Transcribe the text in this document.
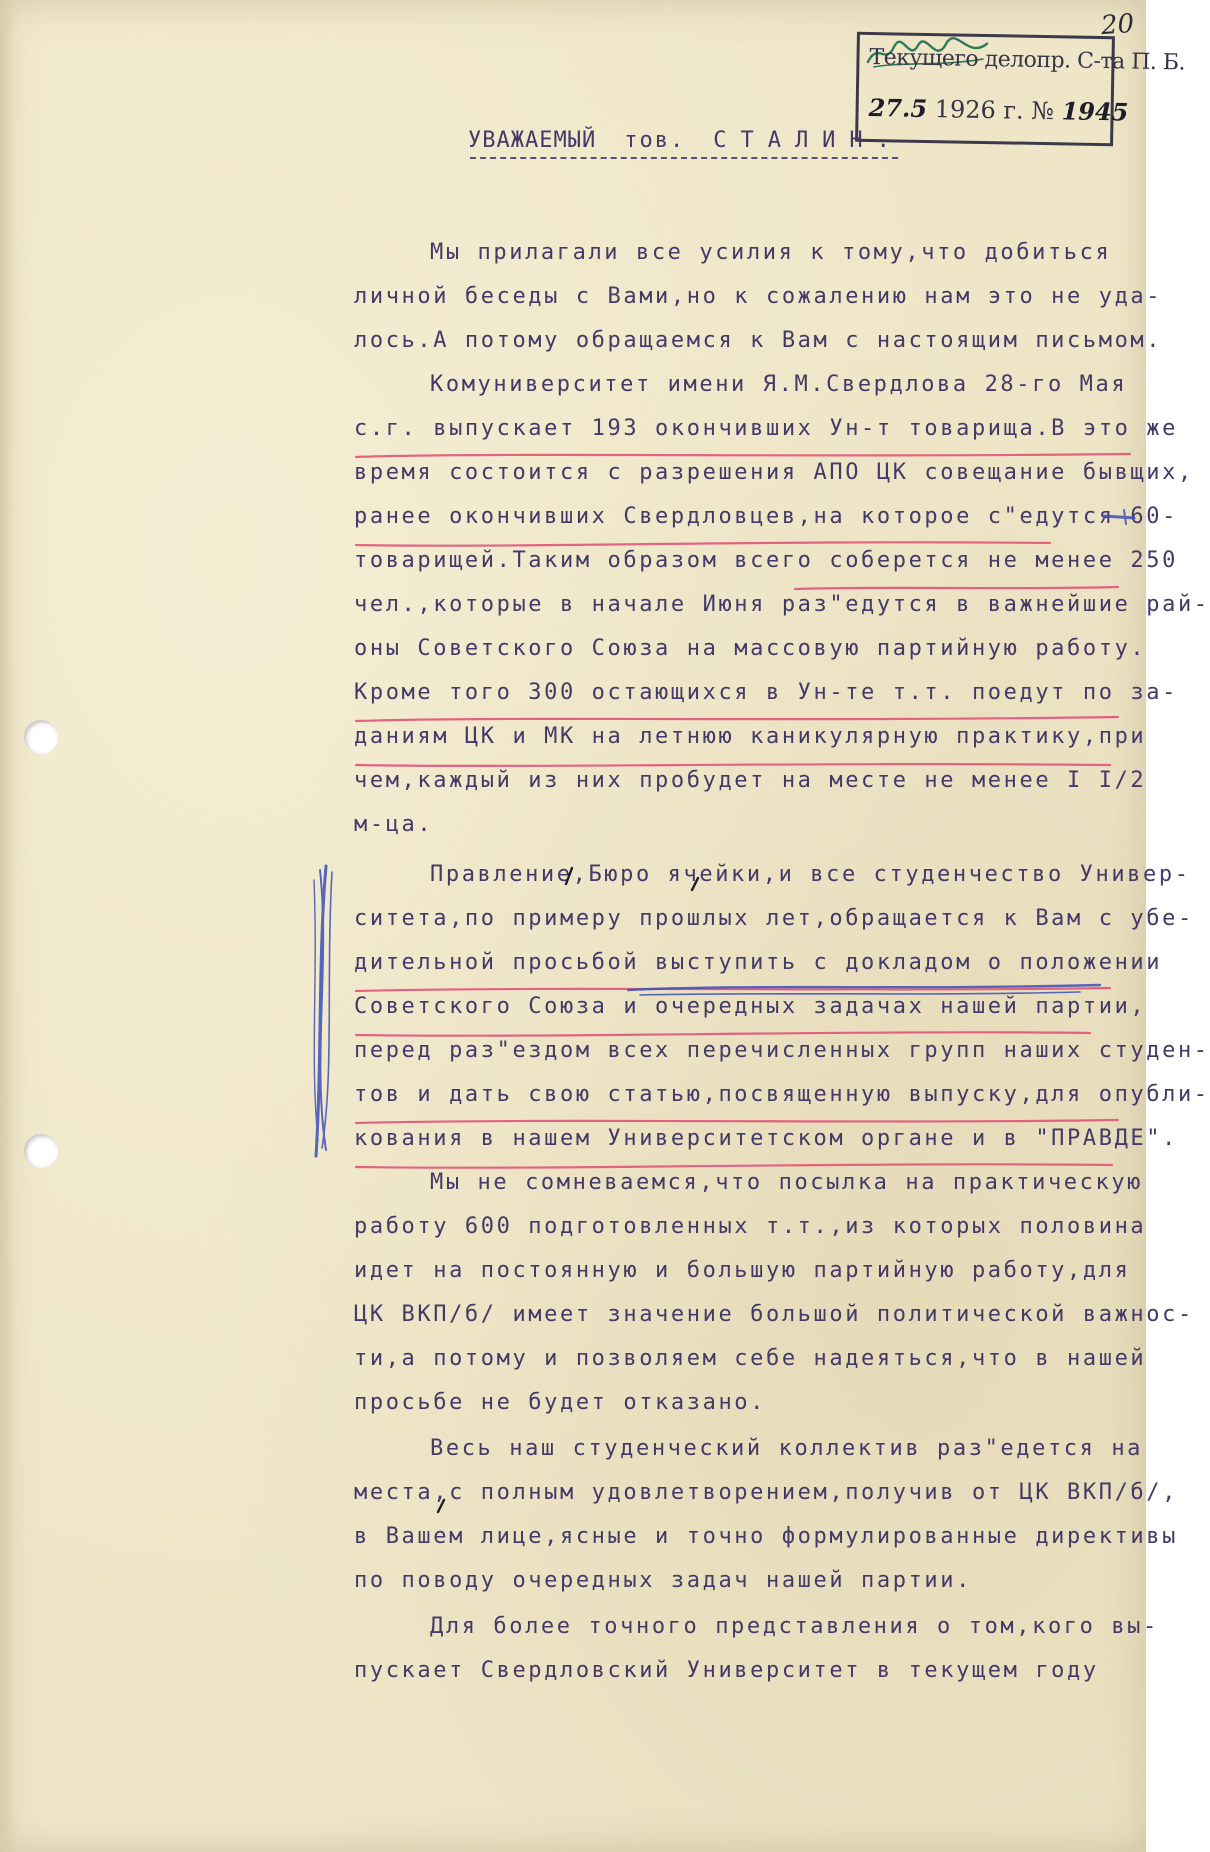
20
Текущего делопр. С-та П. Б.
27.5 1926 г. № 1945
УВАЖАЕМЫЙ тов. СТАЛИН.
Мы прилагали все усилия к тому,что добиться
личной беседы с Вами,но к сожалению нам это не уда-
лось.А потому обращаемся к Вам с настоящим письмом.
Комуниверситет имени Я.М.Свердлова 28-го Мая
с.г. выпускает 193 окончивших Ун-т товарища.В это же
время состоится с разрешения АПО ЦК совещание бывщих,
ранее окончивших Свердловцев,на которое с"едутся 60-
товарищей.Таким образом всего соберется не менее 250
чел.,которые в начале Июня раз"едутся в важнейшие рай-
оны Советского Союза на массовую партийную работу.
Кроме того 300 остающихся в Ун-те т.т. поедут по за-
даниям ЦК и МК на летнюю каникулярную практику,при
чем,каждый из них пробудет на месте не менее I I/2
м-ца.
Правление,Бюро ячейки,и все студенчество Универ-
ситета,по примеру прошлых лет,обращается к Вам с убе-
дительной просьбой выступить с докладом о положении
Советского Союза и очередных задачах нашей партии,
перед раз"ездом всех перечисленных групп наших студен-
тов и дать свою статью,посвященную выпуску,для опубли-
кования в нашем Университетском органе и в "ПРАВДЕ".
Мы не сомневаемся,что посылка на практическую
работу 600 подготовленных т.т.,из которых половина
идет на постоянную и большую партийную работу,для
ЦК ВКП/б/ имеет значение большой политической важнос-
ти,а потому и позволяем себе надеяться,что в нашей
просьбе не будет отказано.
Весь наш студенческий коллектив раз"едется на
места,с полным удовлетворением,получив от ЦК ВКП/б/,
в Вашем лице,ясные и точно формулированные директивы
по поводу очередных задач нашей партии.
Для более точного представления о том,кого вы-
пускает Свердловский Университет в текущем году
